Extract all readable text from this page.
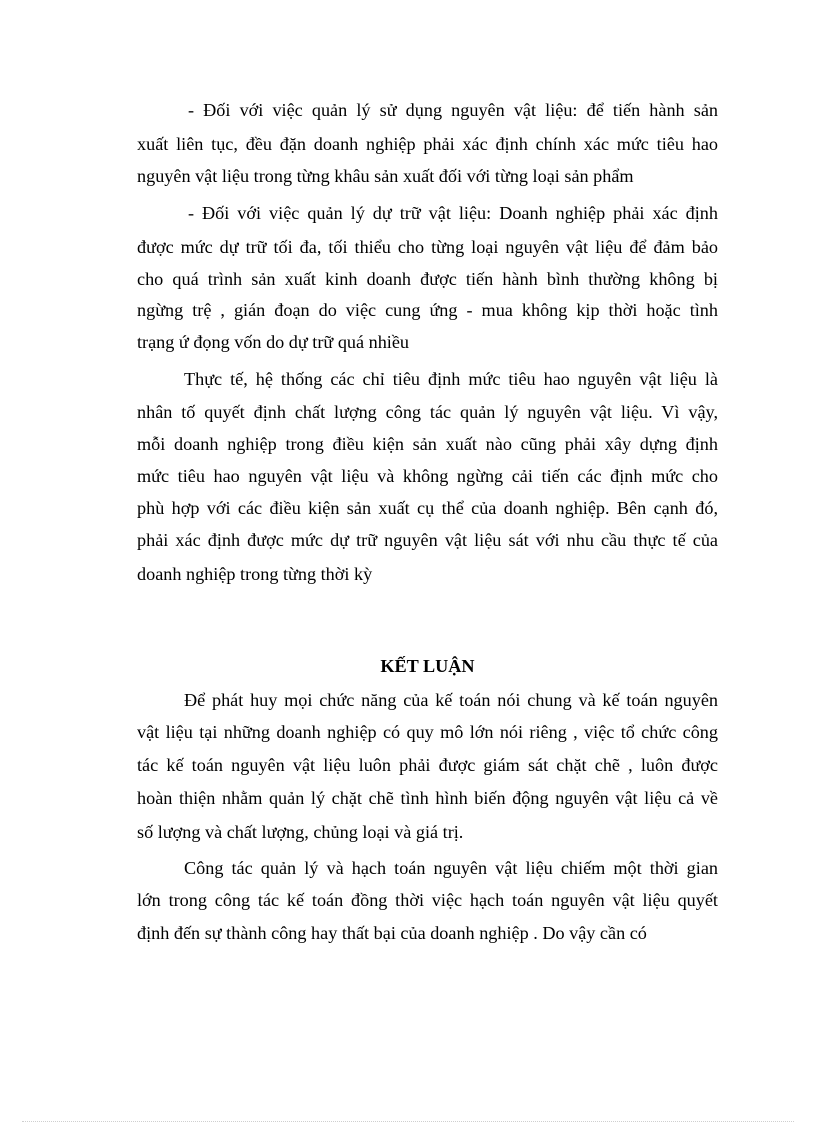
- Đối với việc quản lý sử dụng nguyên vật liệu: để tiến hành sản
xuất liên tục, đều đặn doanh nghiệp phải xác định chính xác mức tiêu hao
nguyên vật liệu trong từng khâu sản xuất đối với từng loại sản phẩm
- Đối với việc quản lý dự trữ vật liệu: Doanh nghiệp phải xác định
được mức dự trữ tối đa, tối thiểu cho từng loại nguyên vật liệu để đảm bảo
cho quá trình sản xuất kinh doanh được tiến hành bình thường không bị
ngừng trệ , gián đoạn do việc cung ứng - mua không kịp thời hoặc tình
trạng ứ đọng vốn do dự trữ quá nhiều
Thực tế, hệ thống các chỉ tiêu định mức tiêu hao nguyên vật liệu là
nhân tố quyết định chất lượng công tác quản lý nguyên vật liệu. Vì vậy,
mỗi doanh nghiệp trong điều kiện sản xuất nào cũng phải xây dựng định
mức tiêu hao nguyên vật liệu và không ngừng cải tiến các định mức cho
phù hợp với các điều kiện sản xuất cụ thể của doanh nghiệp. Bên cạnh đó,
phải xác định được mức dự trữ nguyên vật liệu sát với nhu cầu thực tế của
doanh nghiệp trong từng thời kỳ
KẾT LUẬN
Để phát huy mọi chức năng của kế toán nói chung và kế toán nguyên
vật liệu tại những doanh nghiệp có quy mô lớn nói riêng , việc tổ chức công
tác kế toán nguyên vật liệu luôn phải được giám sát chặt chẽ , luôn được
hoàn thiện nhằm quản lý chặt chẽ tình hình biến động nguyên vật liệu cả về
số lượng và chất lượng, chủng loại và giá trị.
Công tác quản lý và hạch toán nguyên vật liệu chiếm một thời gian
lớn trong công tác kế toán đồng thời việc hạch toán nguyên vật liệu quyết
định đến sự thành công hay thất bại của doanh nghiệp . Do vậy cần có
